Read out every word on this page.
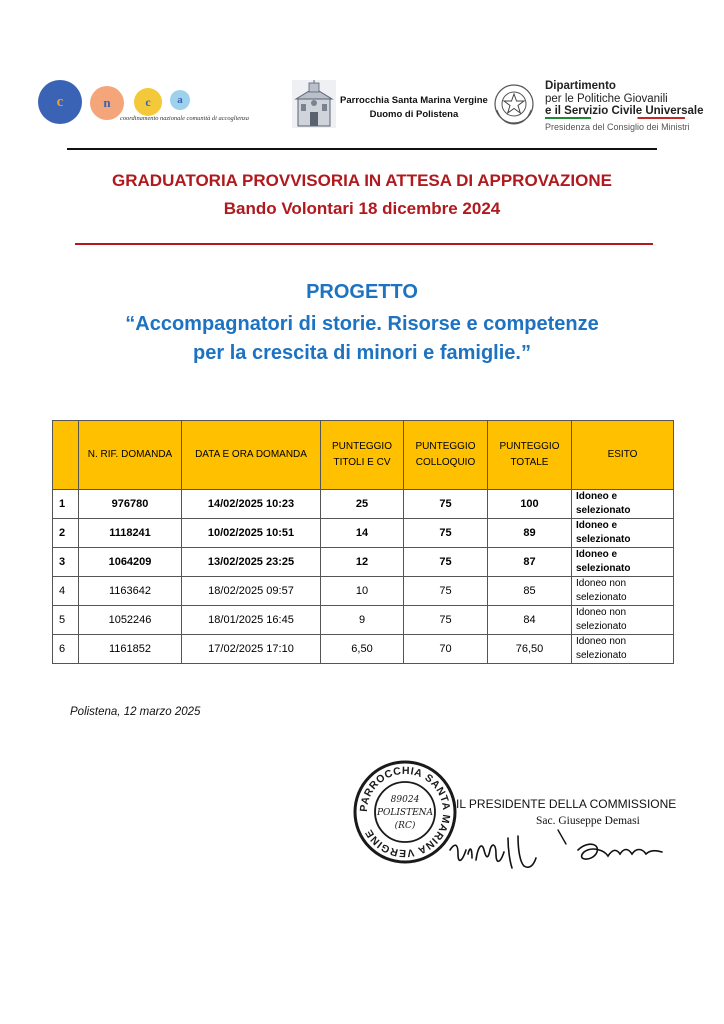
c	n	c	a
coordinamento nazionale comunità di accoglienza
Parrocchia Santa Marina Vergine
Duomo di Polistena
Dipartimento
per le Politiche Giovanili
e il Servizio Civile Universale
Presidenza del Consiglio dei Ministri
GRADUATORIA PROVVISORIA IN ATTESA DI APPROVAZIONE
Bando Volontari 18 dicembre 2024
PROGETTO
“Accompagnatori di storie. Risorse e competenze
per la crescita di minori e famiglie.”
	N. RIF. DOMANDA	DATA E ORA DOMANDA	PUNTEGGIO TITOLI E CV	PUNTEGGIO COLLOQUIO	PUNTEGGIO TOTALE	ESITO
1	976780	14/02/2025 10:23	25	75	100	Idoneo e selezionato
2	1118241	10/02/2025 10:51	14	75	89	Idoneo e selezionato
3	1064209	13/02/2025 23:25	12	75	87	Idoneo e selezionato
4	1163642	18/02/2025 09:57	10	75	85	Idoneo non selezionato
5	1052246	18/01/2025 16:45	9	75	84	Idoneo non selezionato
6	1161852	17/02/2025 17:10	6,50	70	76,50	Idoneo non selezionato
Polistena, 12 marzo 2025
PARROCCHIA SANTA MARINA VERGINE
89024
POLISTENA
(RC)
IL PRESIDENTE DELLA COMMISSIONE
Sac. Giuseppe Demasi
